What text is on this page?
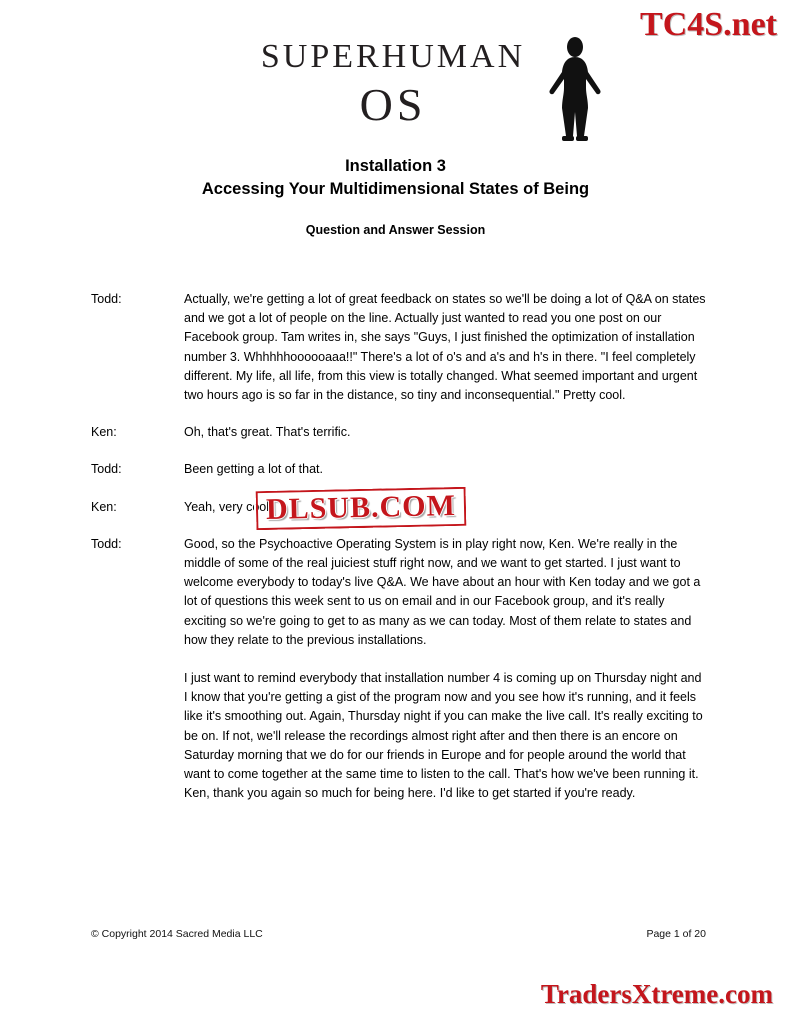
TC4S.net
SUPERHUMAN
OS
Installation 3
Accessing Your Multidimensional States of Being
Question and Answer Session
Todd:	Actually, we're getting a lot of great feedback on states so we'll be doing a lot of Q&A on states and we got a lot of people on the line. Actually just wanted to read you one post on our Facebook group. Tam writes in, she says "Guys, I just finished the optimization of installation number 3. Whhhhhoooooaaa!!" There's a lot of o's and a's and h's in there. "I feel completely different. My life, all life, from this view is totally changed. What seemed important and urgent two hours ago is so far in the distance, so tiny and inconsequential." Pretty cool.

Ken:	Oh, that's great. That's terrific.

Todd:	Been getting a lot of that.

Ken:	Yeah, very cool.

Todd:	Good, so the Psychoactive Operating System is in play right now, Ken. We're really in the middle of some of the real juiciest stuff right now, and we want to get started. I just want to welcome everybody to today's live Q&A. We have about an hour with Ken today and we got a lot of questions this week sent to us on email and in our Facebook group, and it's really exciting so we're going to get to as many as we can today. Most of them relate to states and how they relate to the previous installations.

I just want to remind everybody that installation number 4 is coming up on Thursday night and I know that you're getting a gist of the program now and you see how it's running, and it feels like it's smoothing out. Again, Thursday night if you can make the live call. It's really exciting to be on. If not, we'll release the recordings almost right after and then there is an encore on Saturday morning that we do for our friends in Europe and for people around the world that want to come together at the same time to listen to the call. That's how we've been running it. Ken, thank you again so much for being here. I'd like to get started if you're ready.

DLSUB.COM
© Copyright 2014 Sacred Media LLC	Page 1 of 20
TradersXtreme.com
